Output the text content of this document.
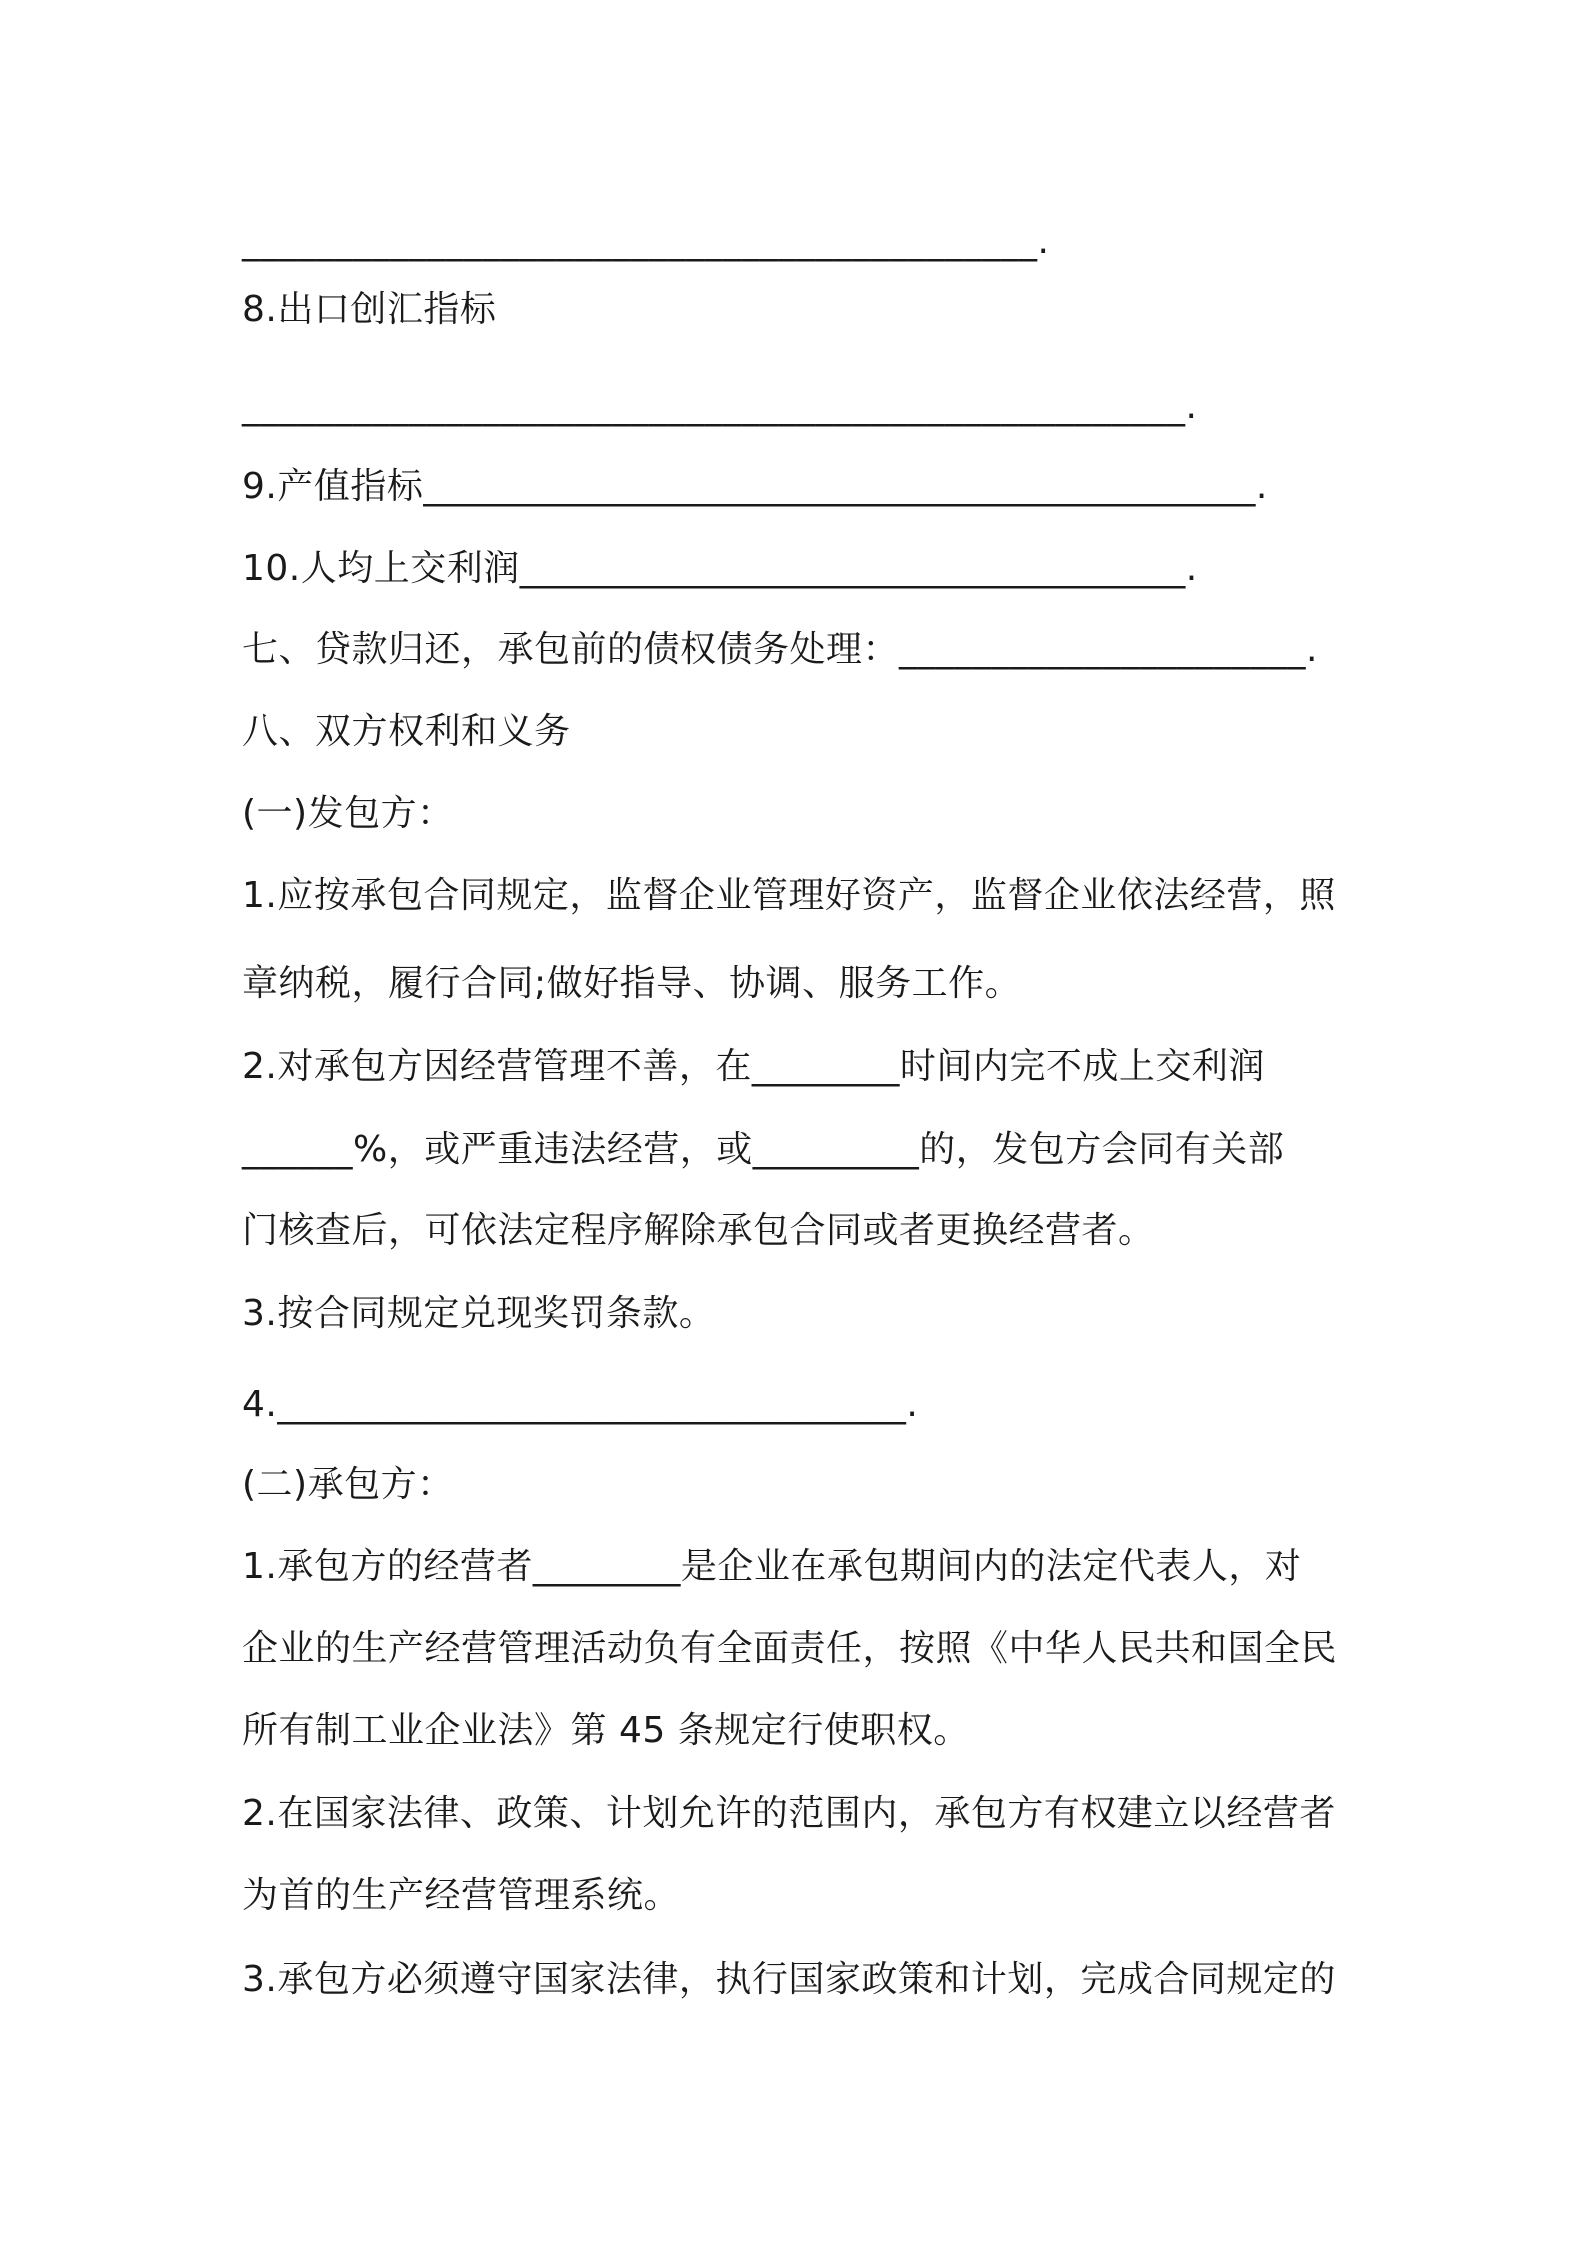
___________________________________________.
8.出口创汇指标
___________________________________________________.
9.产值指标_____________________________________________.
10.人均上交利润____________________________________.
七、贷款归还，承包前的债权债务处理：______________________.
八、双方权利和义务
(一)发包方：
1.应按承包合同规定，监督企业管理好资产，监督企业依法经营，照
章纳税，履行合同;做好指导、协调、服务工作。
2.对承包方因经营管理不善，在________时间内完不成上交利润
______%，或严重违法经营，或_________的，发包方会同有关部
门核查后，可依法定程序解除承包合同或者更换经营者。
3.按合同规定兑现奖罚条款。
4.__________________________________.
(二)承包方：
1.承包方的经营者________是企业在承包期间内的法定代表人，对
企业的生产经营管理活动负有全面责任，按照《中华人民共和国全民
所有制工业企业法》第 45 条规定行使职权。
2.在国家法律、政策、计划允许的范围内，承包方有权建立以经营者
为首的生产经营管理系统。
3.承包方必须遵守国家法律，执行国家政策和计划，完成合同规定的
